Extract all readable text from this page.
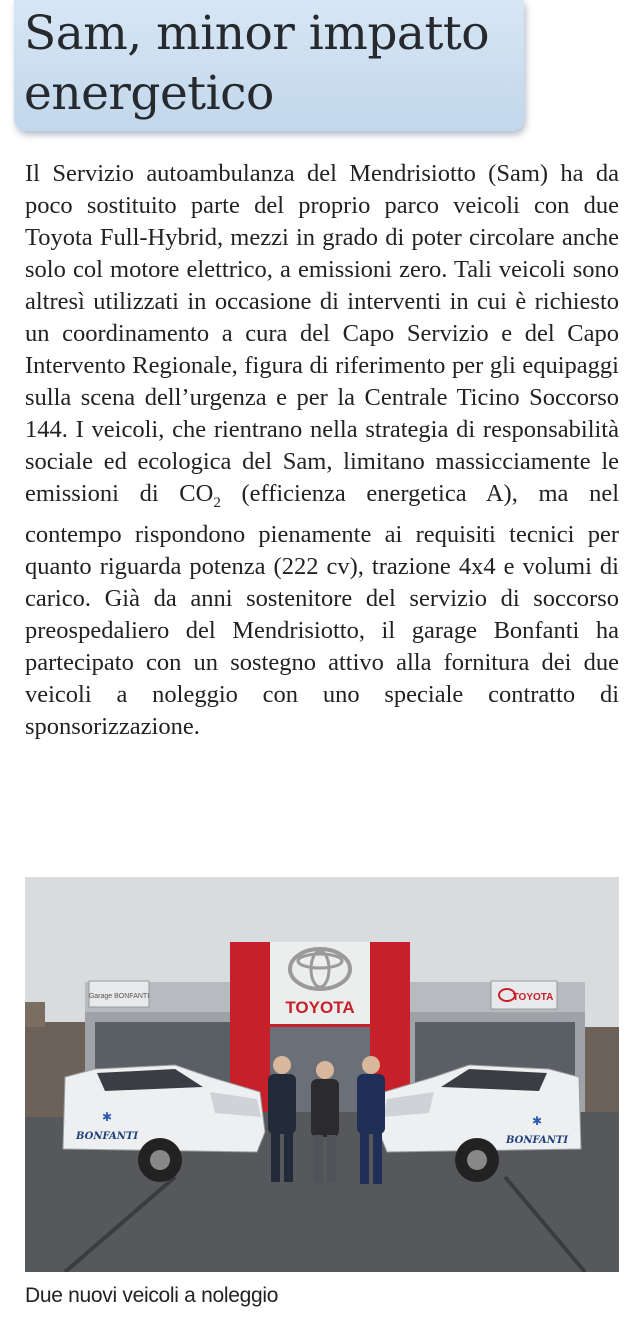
Sam, minor impatto
energetico

Il Servizio autoambulanza del Mendrisiotto (Sam) ha da poco sostituito parte del proprio parco veicoli con due Toyota Full-Hybrid, mezzi in grado di poter circolare anche solo col motore elettrico, a emissioni zero. Tali veicoli sono altresì utilizzati in occasione di interventi in cui è richiesto un coordinamento a cura del Capo Servizio e del Capo Intervento Regionale, figura di riferimento per gli equipaggi sulla scena dell’urgenza e per la Centrale Ticino Soccorso 144. I veicoli, che rientrano nella strategia di responsabilità sociale ed ecologica del Sam, limitano massicciamente le emissioni di $CO_2$ (efficienza energetica A), ma nel contempo rispondono pienamente ai requisiti tecnici per quanto riguarda potenza (222 cv), trazione 4x4 e volumi di carico. Già da anni sostenitore del servizio di soccorso preospedaliero del Mendrisiotto, il garage Bonfanti ha partecipato con un sostegno attivo alla fornitura dei due veicoli a noleggio con uno speciale contratto di sponsorizzazione.

Garage BONFANTI	TOYOTA
TOYOTA
BONFANTI
✱
BONFANTI
✱
Due nuovi veicoli a noleggio
